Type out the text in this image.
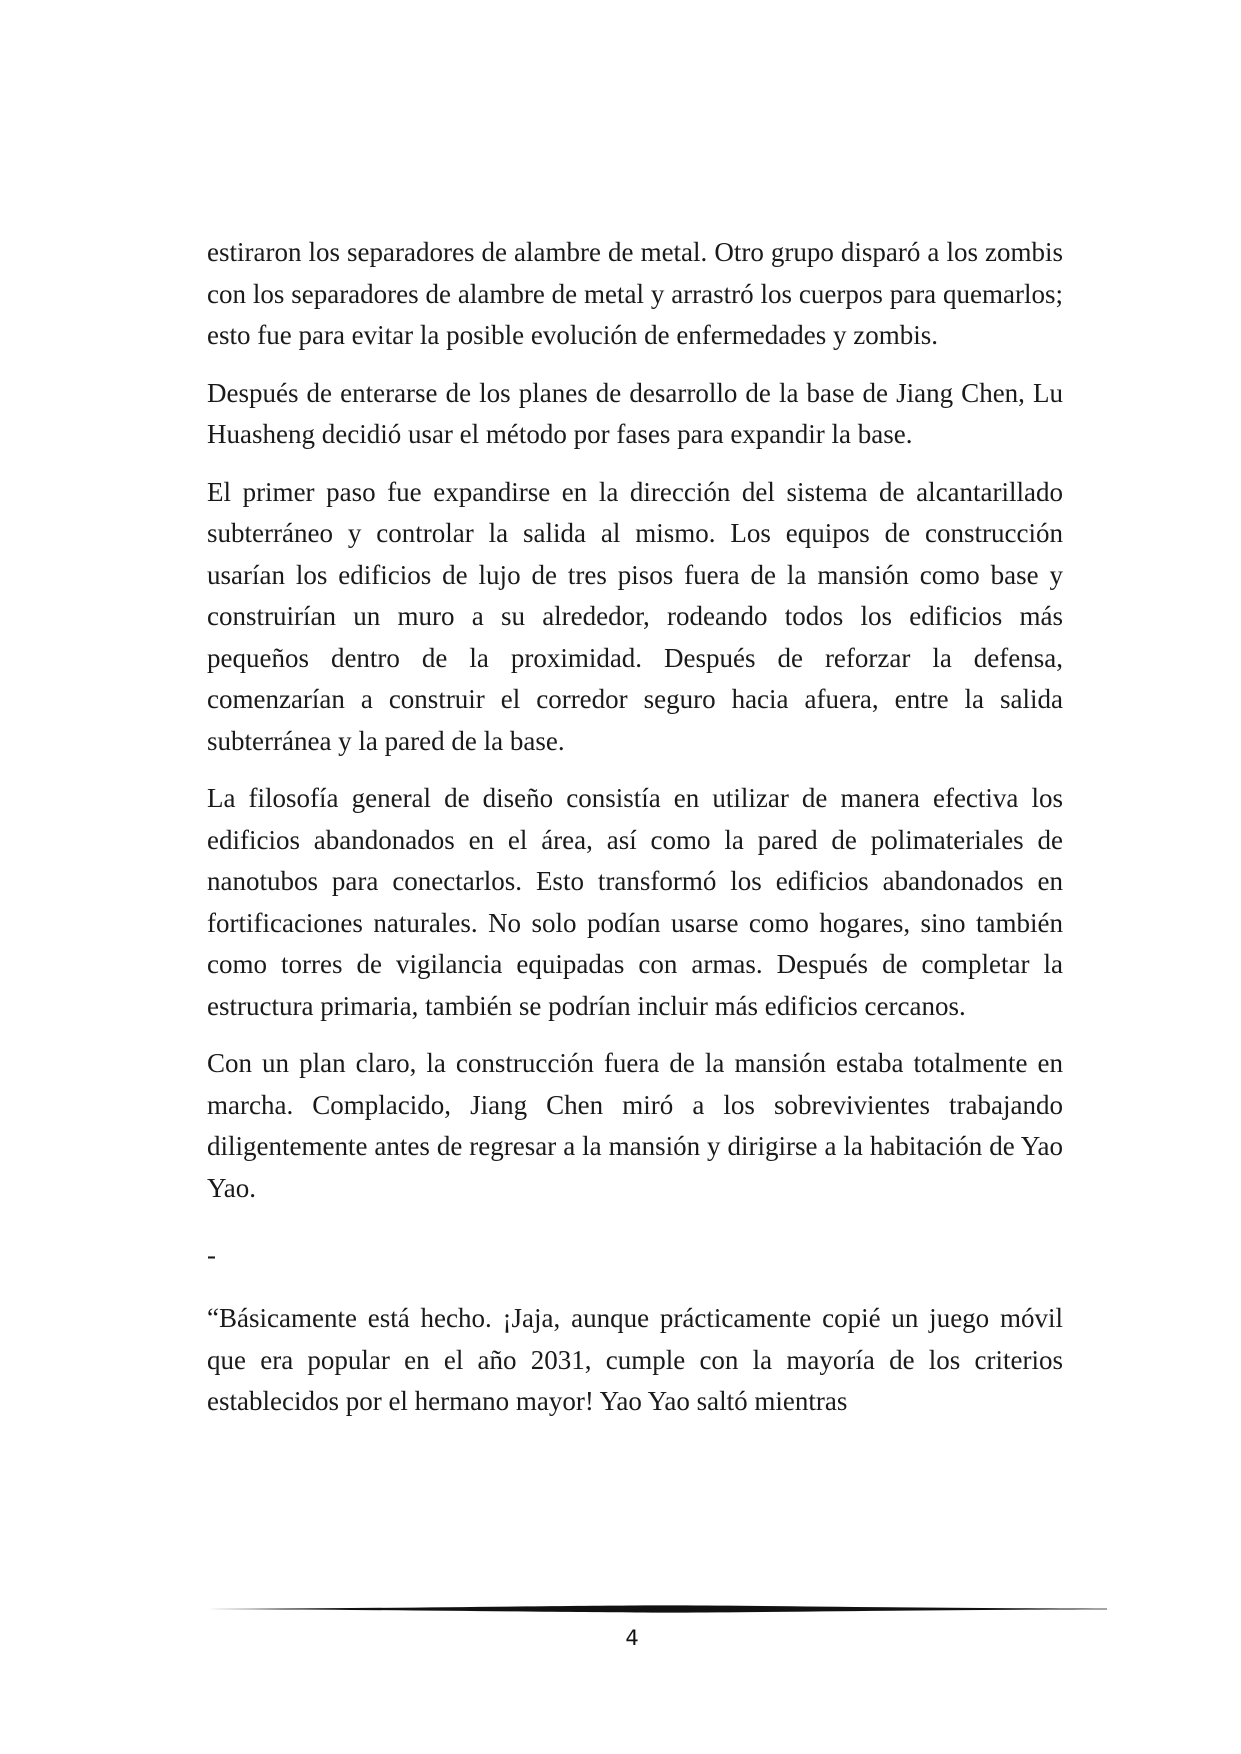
estiraron los separadores de alambre de metal. Otro grupo disparó a los zombis con los separadores de alambre de metal y arrastró los cuerpos para quemarlos; esto fue para evitar la posible evolución de enfermedades y zombis.

Después de enterarse de los planes de desarrollo de la base de Jiang Chen, Lu Huasheng decidió usar el método por fases para expandir la base.

El primer paso fue expandirse en la dirección del sistema de alcantarillado subterráneo y controlar la salida al mismo. Los equipos de construcción usarían los edificios de lujo de tres pisos fuera de la mansión como base y construirían un muro a su alrededor, rodeando todos los edificios más pequeños dentro de la proximidad. Después de reforzar la defensa, comenzarían a construir el corredor seguro hacia afuera, entre la salida subterránea y la pared de la base.

La filosofía general de diseño consistía en utilizar de manera efectiva los edificios abandonados en el área, así como la pared de polimateriales de nanotubos para conectarlos. Esto transformó los edificios abandonados en fortificaciones naturales. No solo podían usarse como hogares, sino también como torres de vigilancia equipadas con armas. Después de completar la estructura primaria, también se podrían incluir más edificios cercanos.

Con un plan claro, la construcción fuera de la mansión estaba totalmente en marcha. Complacido, Jiang Chen miró a los sobrevivientes trabajando diligentemente antes de regresar a la mansión y dirigirse a la habitación de Yao Yao.

-

“Básicamente está hecho. ¡Jaja, aunque prácticamente copié un juego móvil que era popular en el año 2031, cumple con la mayoría de los criterios establecidos por el hermano mayor! Yao Yao saltó mientras

4
